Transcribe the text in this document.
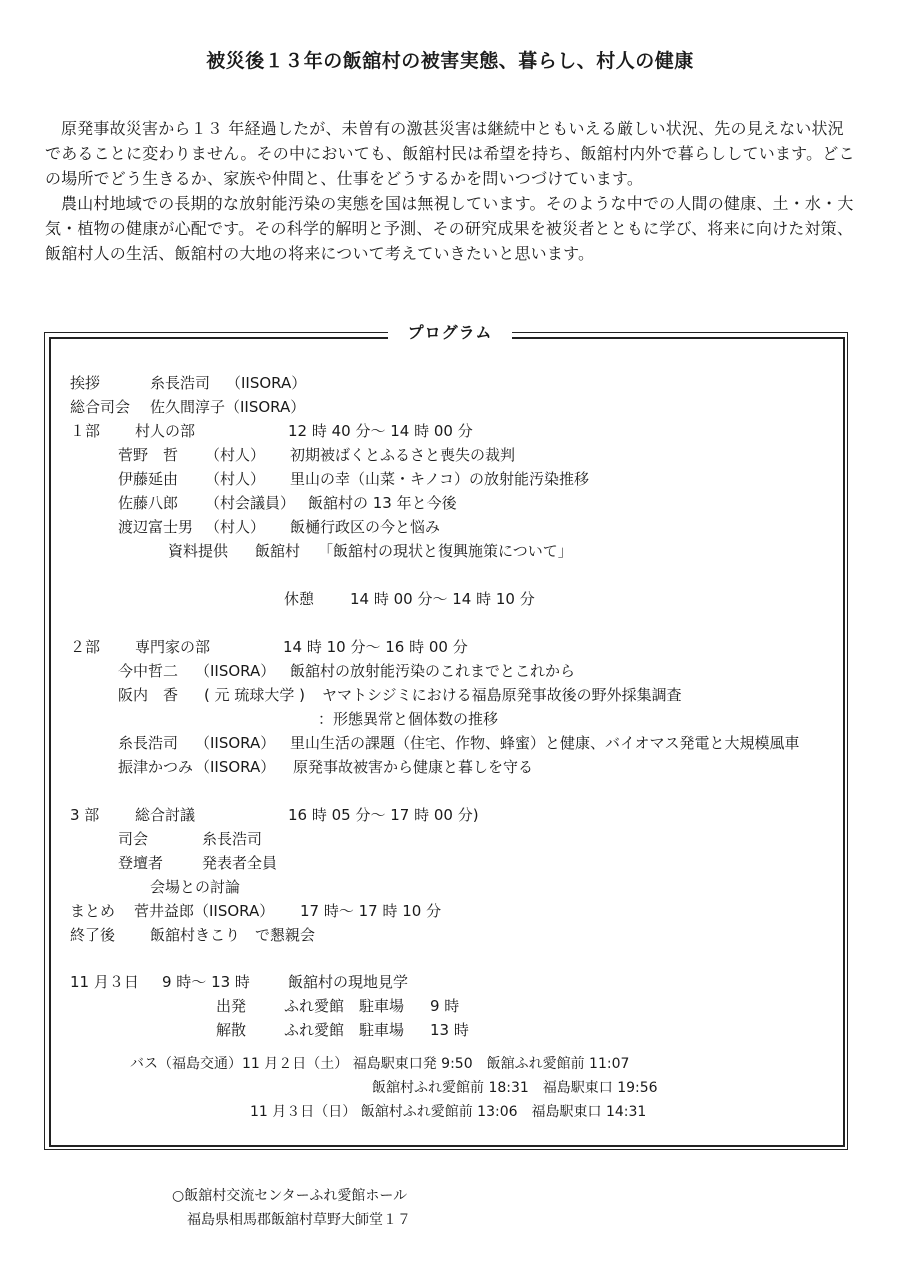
被災後１３年の飯舘村の被害実態、暮らし、村人の健康

原発事故災害から１３ 年経過したが、未曽有の激甚災害は継続中ともいえる厳しい状況、先の見えない状況であることに変わりません。その中においても、飯舘村民は希望を持ち、飯舘村内外で暮らししています。どこの場所でどう生きるか、家族や仲間と、仕事をどうするかを問いつづけています。

農山村地域での長期的な放射能汚染の実態を国は無視しています。そのような中での人間の健康、土・水・大気・植物の健康が心配です。その科学的解明と予測、その研究成果を被災者とともに学び、将来に向けた対策、飯舘村人の生活、飯舘村の大地の将来について考えていきたいと思います。

プログラム
挨拶	糸長浩司 （IISORA）
総合司会 佐久間淳子（IISORA）
１部 村人の部	12 時 40 分～ 14 時 00 分
菅野　哲 （村人） 初期被ばくとふるさと喪失の裁判
伊藤延由 （村人） 里山の幸（山菜・キノコ）の放射能汚染推移
佐藤八郎 （村会議員） 飯舘村の 13 年と今後
渡辺富士男 （村人） 飯樋行政区の今と悩み
資料提供 飯舘村 「飯舘村の現状と復興施策について」
休憩 14 時 00 分～ 14 時 10 分
２部 専門家の部	14 時 10 分～ 16 時 00 分
今中哲二 （IISORA） 飯舘村の放射能汚染のこれまでとこれから
阪内　香 ( 元 琉球大学 ) ヤマトシジミにおける福島原発事故後の野外採集調査
：形態異常と個体数の推移
糸長浩司 （IISORA） 里山生活の課題（住宅、作物、蜂蜜）と健康、バイオマス発電と大規模風車
振津かつみ （IISORA） 原発事故被害から健康と暮しを守る
3 部 総合討議	16 時 05 分～ 17 時 00 分)
司会	糸長浩司
登壇者	発表者全員
会場との討論
まとめ 菅井益郎（IISORA） 17 時～ 17 時 10 分
終了後 飯舘村きこり　で懇親会
11 月３日 9 時～ 13 時	飯舘村の現地見学
出発	ふれ愛館　駐車場 9 時
解散	ふれ愛館　駐車場 13 時
バス（福島交通）11 月２日（土） 福島駅東口発 9:50　飯舘ふれ愛館前 11:07
飯舘村ふれ愛館前 18:31　福島駅東口 19:56
11 月３日（日） 飯舘村ふれ愛館前 13:06　福島駅東口 14:31
○飯舘村交流センターふれ愛館ホール
福島県相馬郡飯舘村草野大師堂１７
